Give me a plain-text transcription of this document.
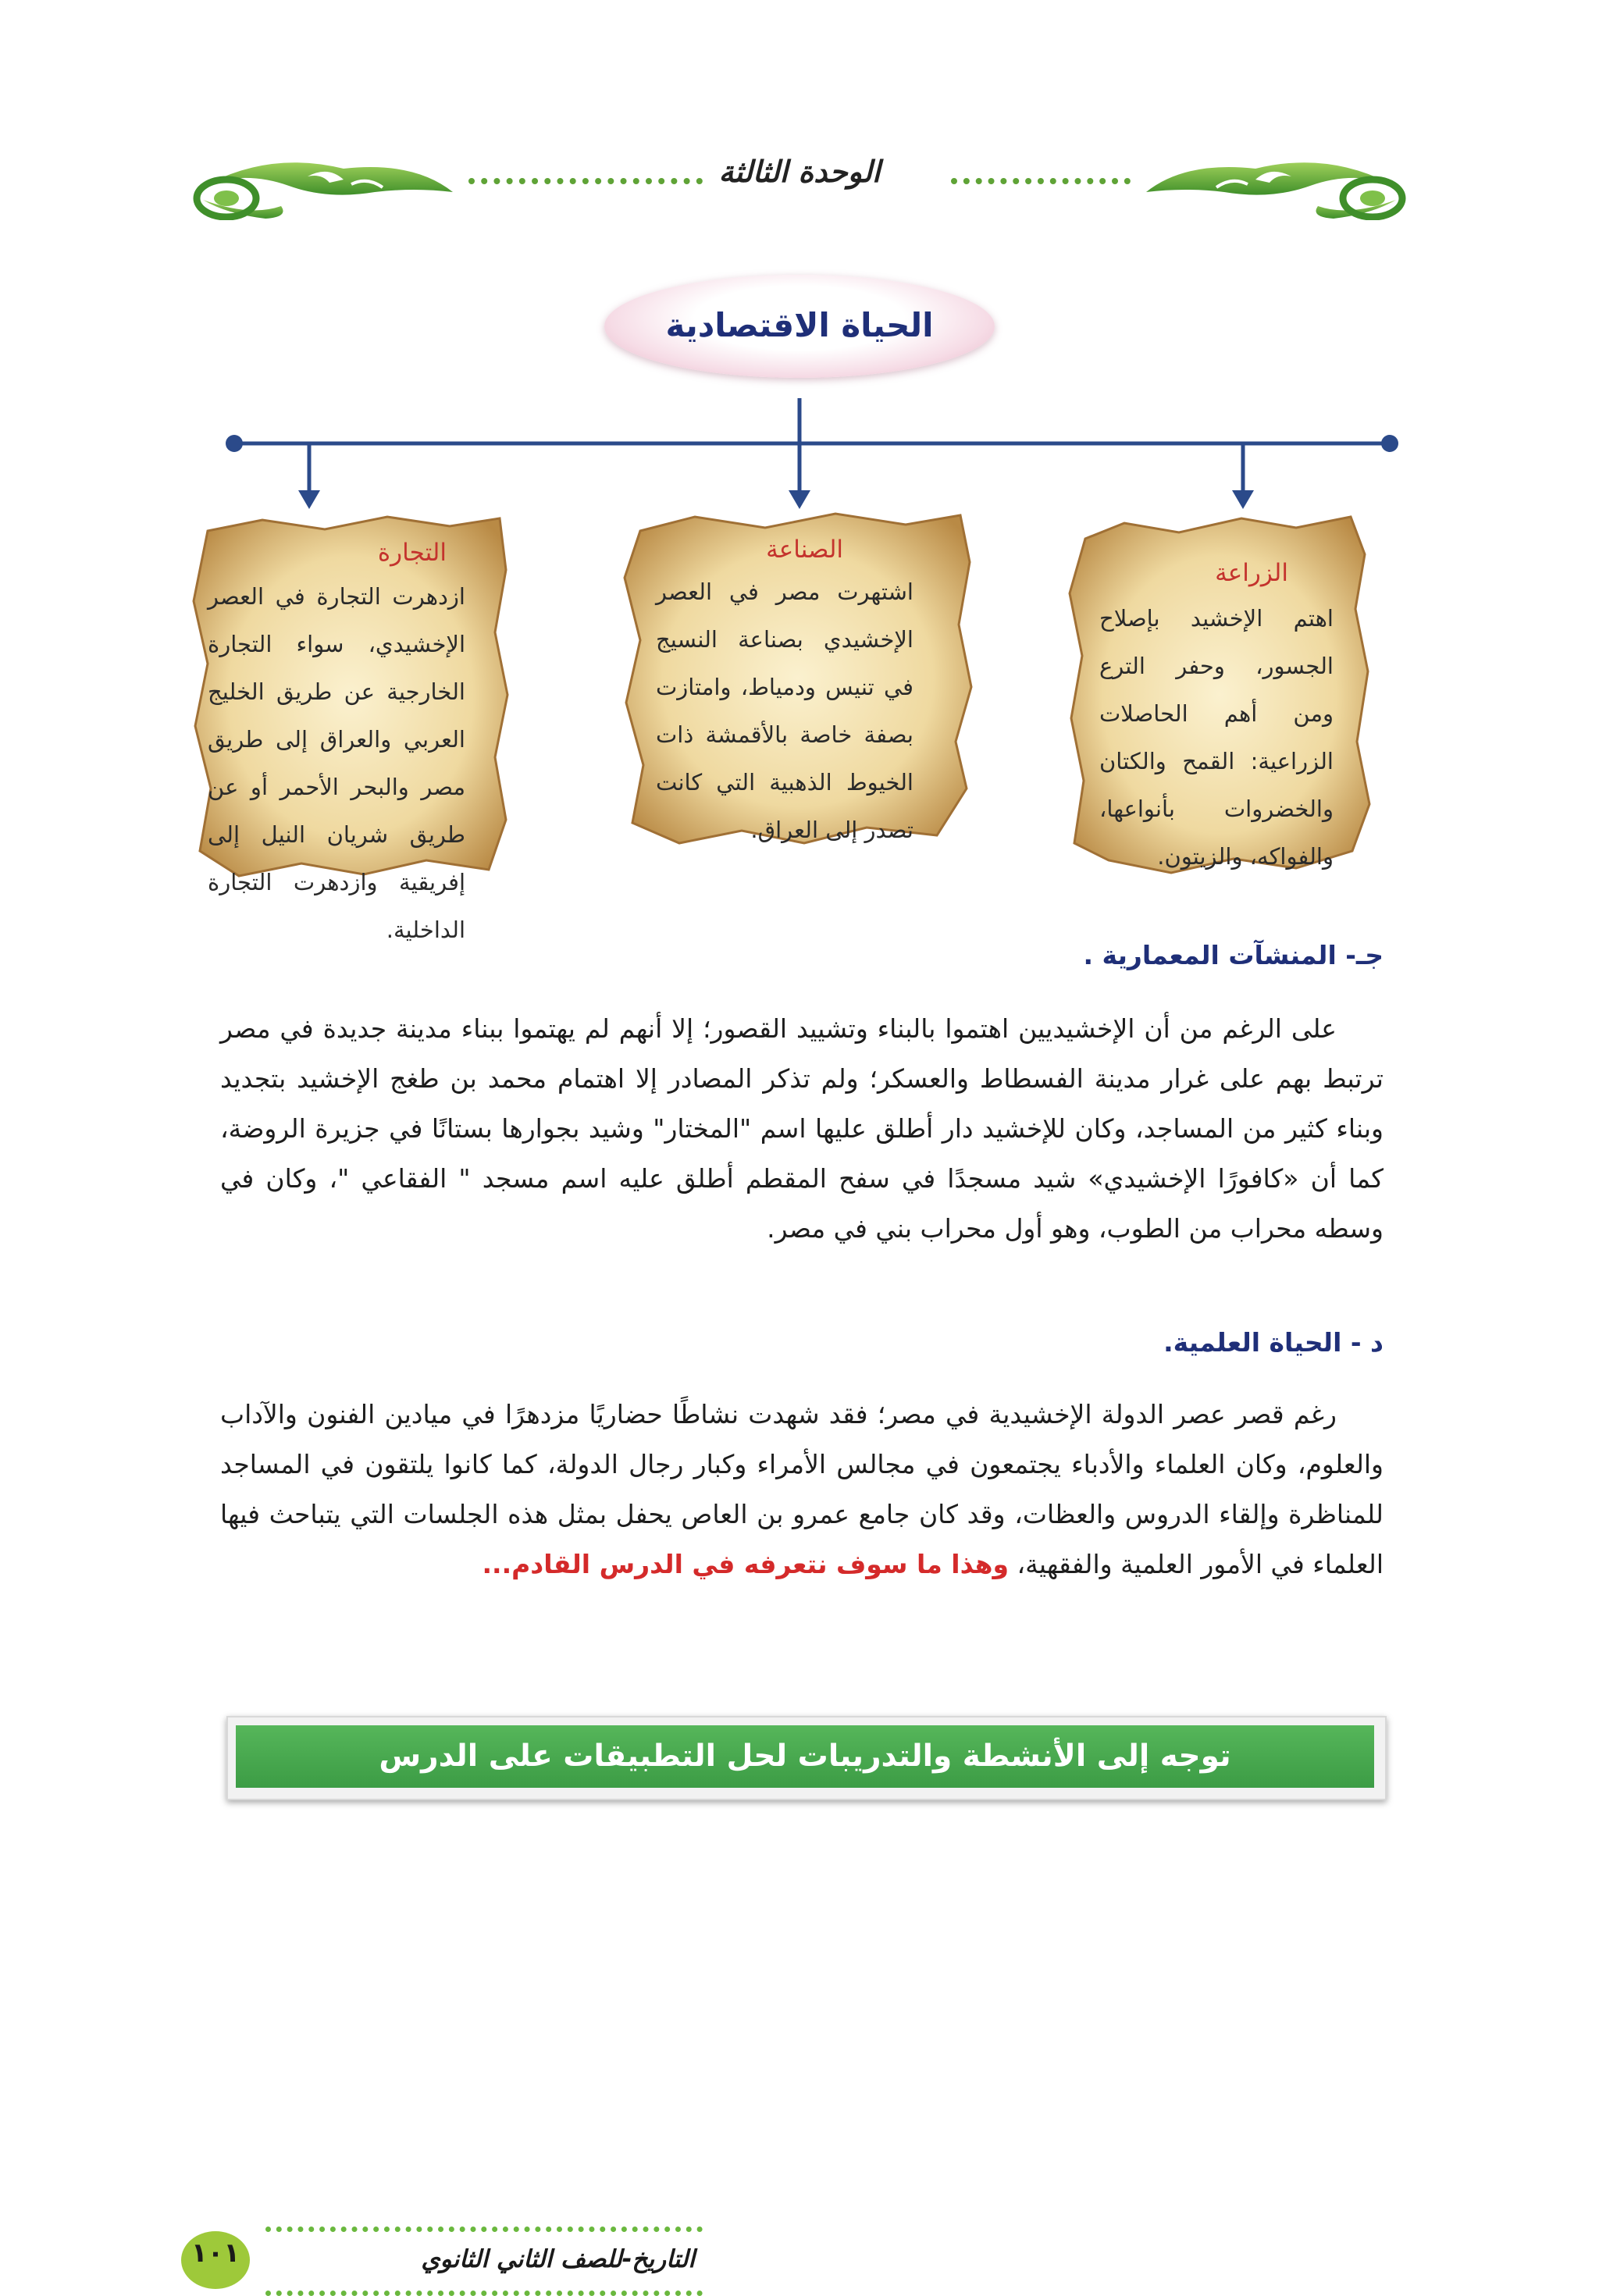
الوحدة الثالثة
الحياة الاقتصادية
الزراعة
اهتم الإخشيد بإصلاح الجسور، وحفر الترع ومن أهم الحاصلات الزراعية: القمح والكتان والخضروات بأنواعها، والفواكه، والزيتون.
الصناعة
اشتهرت مصر في العصر الإخشيدي بصناعة النسيج في تنيس ودمياط، وامتازت بصفة خاصة بالأقمشة ذات الخيوط الذهبية التي كانت تصدر إلى العراق.
التجارة
ازدهرت التجارة في العصر الإخشيدي، سواء التجارة الخارجية عن طريق الخليج العربي والعراق إلى طريق مصر والبحر الأحمر أو عن طريق شريان النيل إلى إفريقية وازدهرت التجارة الداخلية.
جـ- المنشآت المعمارية .
على الرغم من أن الإخشيديين اهتموا بالبناء وتشييد القصور؛ إلا أنهم لم يهتموا ببناء مدينة جديدة في مصر ترتبط بهم على غرار مدينة الفسطاط والعسكر؛ ولم تذكر المصادر إلا اهتمام محمد بن طغج الإخشيد بتجديد وبناء كثير من المساجد، وكان للإخشيد دار أطلق عليها اسم "المختار" وشيد بجوارها بستانًا في جزيرة الروضة، كما أن «كافورًا الإخشيدي» شيد مسجدًا في سفح المقطم أطلق عليه اسم مسجد " الفقاعي "، وكان في وسطه محراب من الطوب، وهو أول محراب بني في مصر.
د - الحياة العلمية.
رغم قصر عصر الدولة الإخشيدية في مصر؛ فقد شهدت نشاطًا حضاريًا مزدهرًا في ميادين الفنون والآداب والعلوم، وكان العلماء والأدباء يجتمعون في مجالس الأمراء وكبار رجال الدولة، كما كانوا يلتقون في المساجد للمناظرة وإلقاء الدروس والعظات، وقد كان جامع عمرو بن العاص يحفل بمثل هذه الجلسات التي يتباحث فيها العلماء في الأمور العلمية والفقهية، وهذا ما سوف نتعرفه في الدرس القادم...
توجه إلى الأنشطة والتدريبات لحل التطبيقات على الدرس
١٠١	التاريخ-للصف الثاني الثانوي
